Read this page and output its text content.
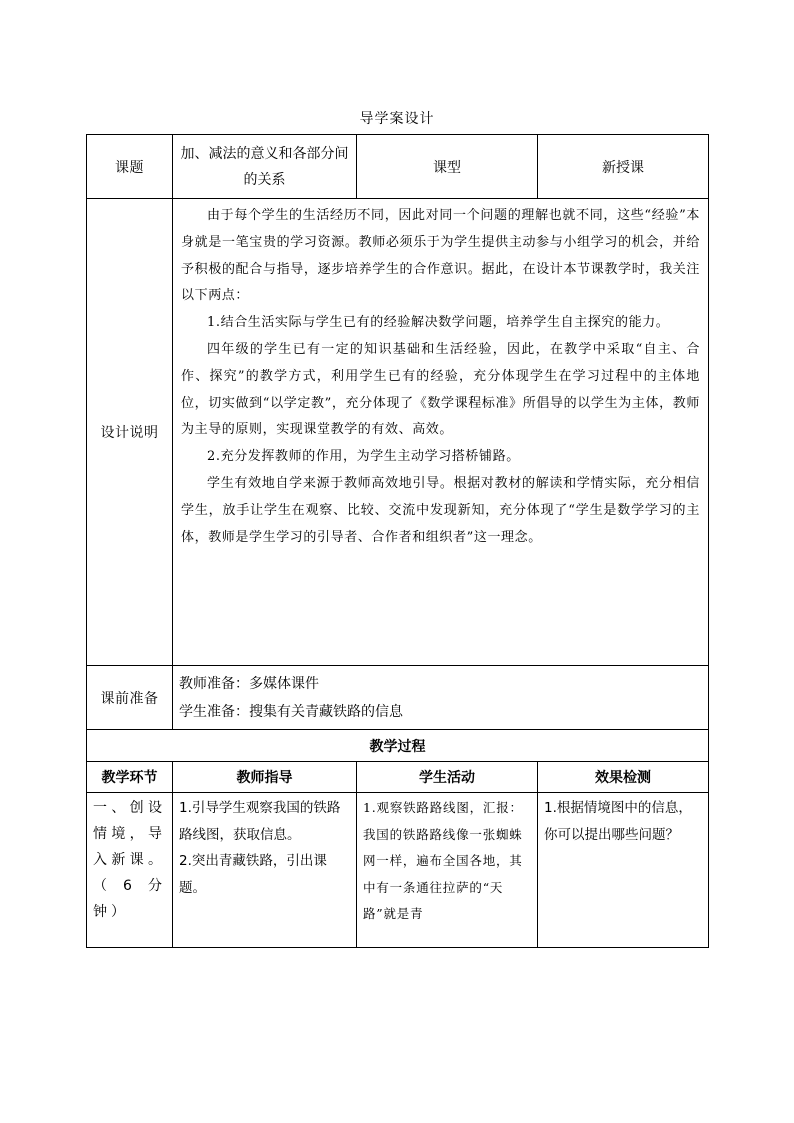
导学案设计
课题	加、减法的意义和各部分间的关系	课型	新授课
设计说明	由于每个学生的生活经历不同，因此对同一个问题的理解也就不同，这些“经验”本身就是一笔宝贵的学习资源。教师必须乐于为学生提供主动参与小组学习的机会，并给予积极的配合与指导，逐步培养学生的合作意识。据此，在设计本节课教学时，我关注以下两点：

1.结合生活实际与学生已有的经验解决数学问题，培养学生自主探究的能力。

四年级的学生已有一定的知识基础和生活经验，因此，在教学中采取“自主、合作、探究”的教学方式，利用学生已有的经验，充分体现学生在学习过程中的主体地位，切实做到“以学定教”，充分体现了《数学课程标准》所倡导的以学生为主体，教师为主导的原则，实现课堂教学的有效、高效。

2.充分发挥教师的作用，为学生主动学习搭桥铺路。

学生有效地自学来源于教师高效地引导。根据对教材的解读和学情实际，充分相信学生，放手让学生在观察、比较、交流中发现新知，充分体现了“学生是数学学习的主体，教师是学生学习的引导者、合作者和组织者”这一理念。		

课前准备	教师准备：多媒体课件
学生准备：搜集有关青藏铁路的信息		

教学过程			
教学环节	教师指导	学生活动	效果检测
一、创设情境，导入新课。（6分钟）	1.引导学生观察我国的铁路路线图，获取信息。
2.突出青藏铁路，引出课题。	1.观察铁路路线图，汇报：我国的铁路路线像一张蜘蛛网一样，遍布全国各地，其中有一条通往拉萨的“天路”就是青	1.根据情境图中的信息，你可以提出哪些问题？
